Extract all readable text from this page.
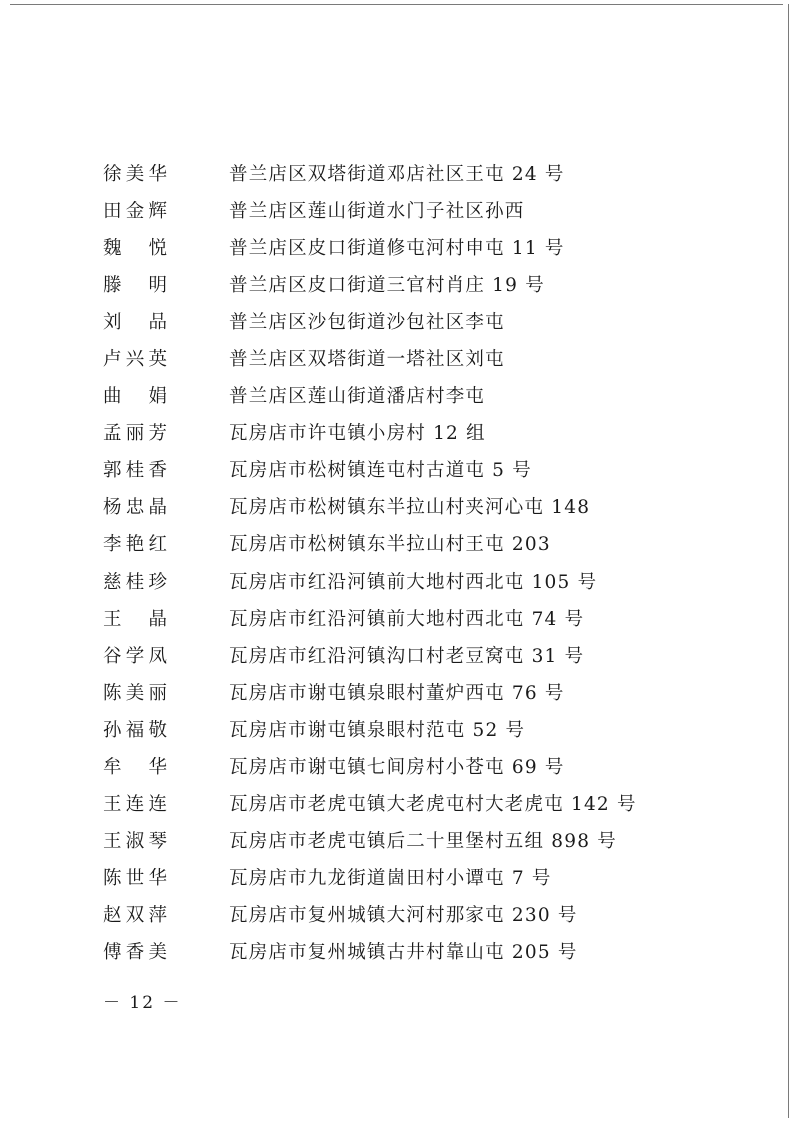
徐美华	普兰店区双塔街道邓店社区王屯 24 号
田金辉	普兰店区莲山街道水门子社区孙西
魏 悦	普兰店区皮口街道修屯河村申屯 11 号
滕 明	普兰店区皮口街道三官村肖庄 19 号
刘 品	普兰店区沙包街道沙包社区李屯
卢兴英	普兰店区双塔街道一塔社区刘屯
曲 娟	普兰店区莲山街道潘店村李屯
孟丽芳	瓦房店市许屯镇小房村 12 组
郭桂香	瓦房店市松树镇连屯村古道屯 5 号
杨忠晶	瓦房店市松树镇东半拉山村夹河心屯 148
李艳红	瓦房店市松树镇东半拉山村王屯 203
慈桂珍	瓦房店市红沿河镇前大地村西北屯 105 号
王 晶	瓦房店市红沿河镇前大地村西北屯 74 号
谷学凤	瓦房店市红沿河镇沟口村老豆窝屯 31 号
陈美丽	瓦房店市谢屯镇泉眼村董炉西屯 76 号
孙福敬	瓦房店市谢屯镇泉眼村范屯 52 号
牟 华	瓦房店市谢屯镇七间房村小苍屯 69 号
王连连	瓦房店市老虎屯镇大老虎屯村大老虎屯 142 号
王淑琴	瓦房店市老虎屯镇后二十里堡村五组 898 号
陈世华	瓦房店市九龙街道崮田村小谭屯 7 号
赵双萍	瓦房店市复州城镇大河村那家屯 230 号
傅香美	瓦房店市复州城镇古井村靠山屯 205 号
－ 12 －
